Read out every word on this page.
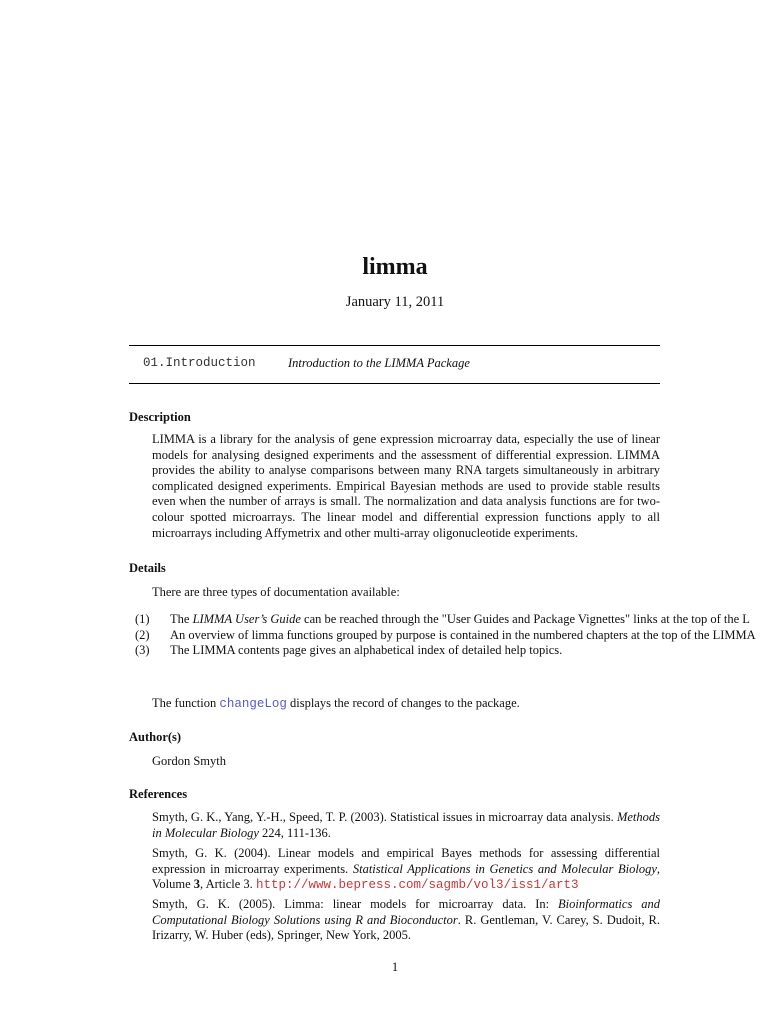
limma
January 11, 2011
01.Introduction	Introduction to the LIMMA Package
Description
LIMMA is a library for the analysis of gene expression microarray data, especially the use of linear models for analysing designed experiments and the assessment of differential expression. LIMMA provides the ability to analyse comparisons between many RNA targets simultaneously in arbitrary complicated designed experiments. Empirical Bayesian methods are used to provide stable results even when the number of arrays is small. The normalization and data analysis functions are for two-colour spotted microarrays. The linear model and differential expression functions apply to all microarrays including Affymetrix and other multi-array oligonucleotide experiments.
Details
There are three types of documentation available:
(1) The LIMMA User’s Guide can be reached through the "User Guides and Package Vignettes" links at the top of the L
(2) An overview of limma functions grouped by purpose is contained in the numbered chapters at the top of the LIMMA
(3) The LIMMA contents page gives an alphabetical index of detailed help topics.
The function changeLog displays the record of changes to the package.
Author(s)
Gordon Smyth
References
Smyth, G. K., Yang, Y.-H., Speed, T. P. (2003). Statistical issues in microarray data analysis. Methods in Molecular Biology 224, 111-136.
Smyth, G. K. (2004). Linear models and empirical Bayes methods for assessing differential expression in microarray experiments. Statistical Applications in Genetics and Molecular Biology, Volume 3, Article 3. http://www.bepress.com/sagmb/vol3/iss1/art3
Smyth, G. K. (2005). Limma: linear models for microarray data. In: Bioinformatics and Computational Biology Solutions using R and Bioconductor. R. Gentleman, V. Carey, S. Dudoit, R. Irizarry, W. Huber (eds), Springer, New York, 2005.
1
